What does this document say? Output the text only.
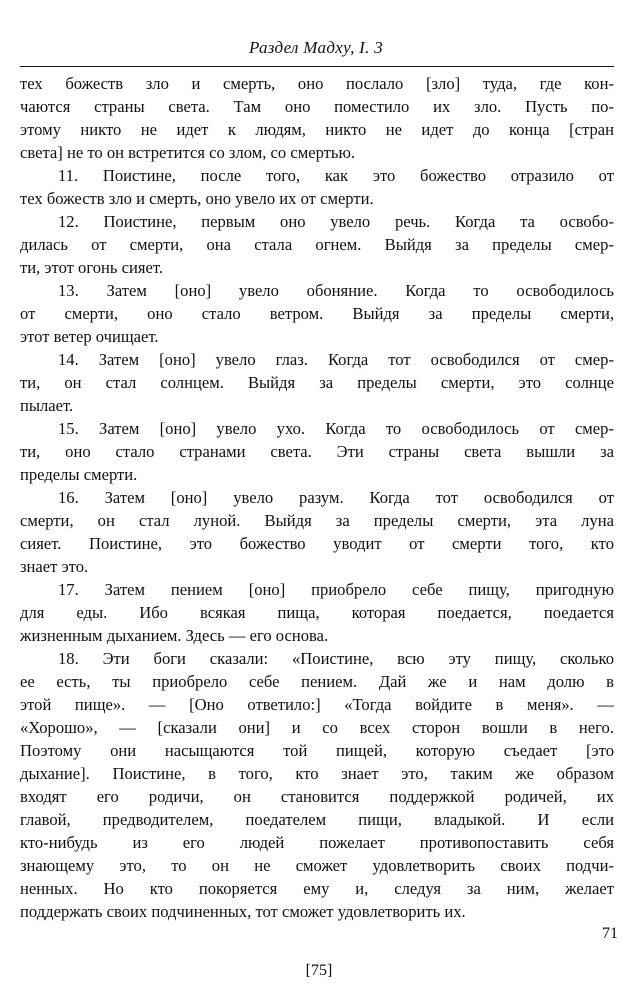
Раздел Мадху, I. 3
тех божеств зло и смерть, оно послало [зло] туда, где кон-
чаются страны света. Там оно поместило их зло. Пусть по-
этому никто не идет к людям, никто не идет до конца [стран
света] не то он встретится со злом, со смертью.
11. Поистине, после того, как это божество отразило от
тех божеств зло и смерть, оно увело их от смерти.
12. Поистине, первым оно увело речь. Когда та освобо-
дилась от смерти, она стала огнем. Выйдя за пределы смер-
ти, этот огонь сияет.
13. Затем [оно] увело обоняние. Когда то освободилось
от смерти, оно стало ветром. Выйдя за пределы смерти,
этот ветер очищает.
14. Затем [оно] увело глаз. Когда тот освободился от смер-
ти, он стал солнцем. Выйдя за пределы смерти, это солнце
пылает.
15. Затем [оно] увело ухо. Когда то освободилось от смер-
ти, оно стало странами света. Эти страны света вышли за
пределы смерти.
16. Затем [оно] увело разум. Когда тот освободился от
смерти, он стал луной. Выйдя за пределы смерти, эта луна
сияет. Поистине, это божество уводит от смерти того, кто
знает это.
17. Затем пением [оно] приобрело себе пищу, пригодную
для еды. Ибо всякая пища, которая поедается, поедается
жизненным дыханием. Здесь — его основа.
18. Эти боги сказали: «Поистине, всю эту пищу, сколько
ее есть, ты приобрело себе пением. Дай же и нам долю в
этой пище». — [Оно ответило:] «Тогда войдите в меня». —
«Хорошо», — [сказали они] и со всех сторон вошли в него.
Поэтому они насыщаются той пищей, которую съедает [это
дыхание]. Поистине, в того, кто знает это, таким же образом
входят его родичи, он становится поддержкой родичей, их
главой, предводителем, поедателем пищи, владыкой. И если
кто-нибудь из его людей пожелает противопоставить себя
знающему это, то он не сможет удовлетворить своих подчи-
ненных. Но кто покоряется ему и, следуя за ним, желает
поддержать своих подчиненных, тот сможет удовлетворить их.
71
[75]
